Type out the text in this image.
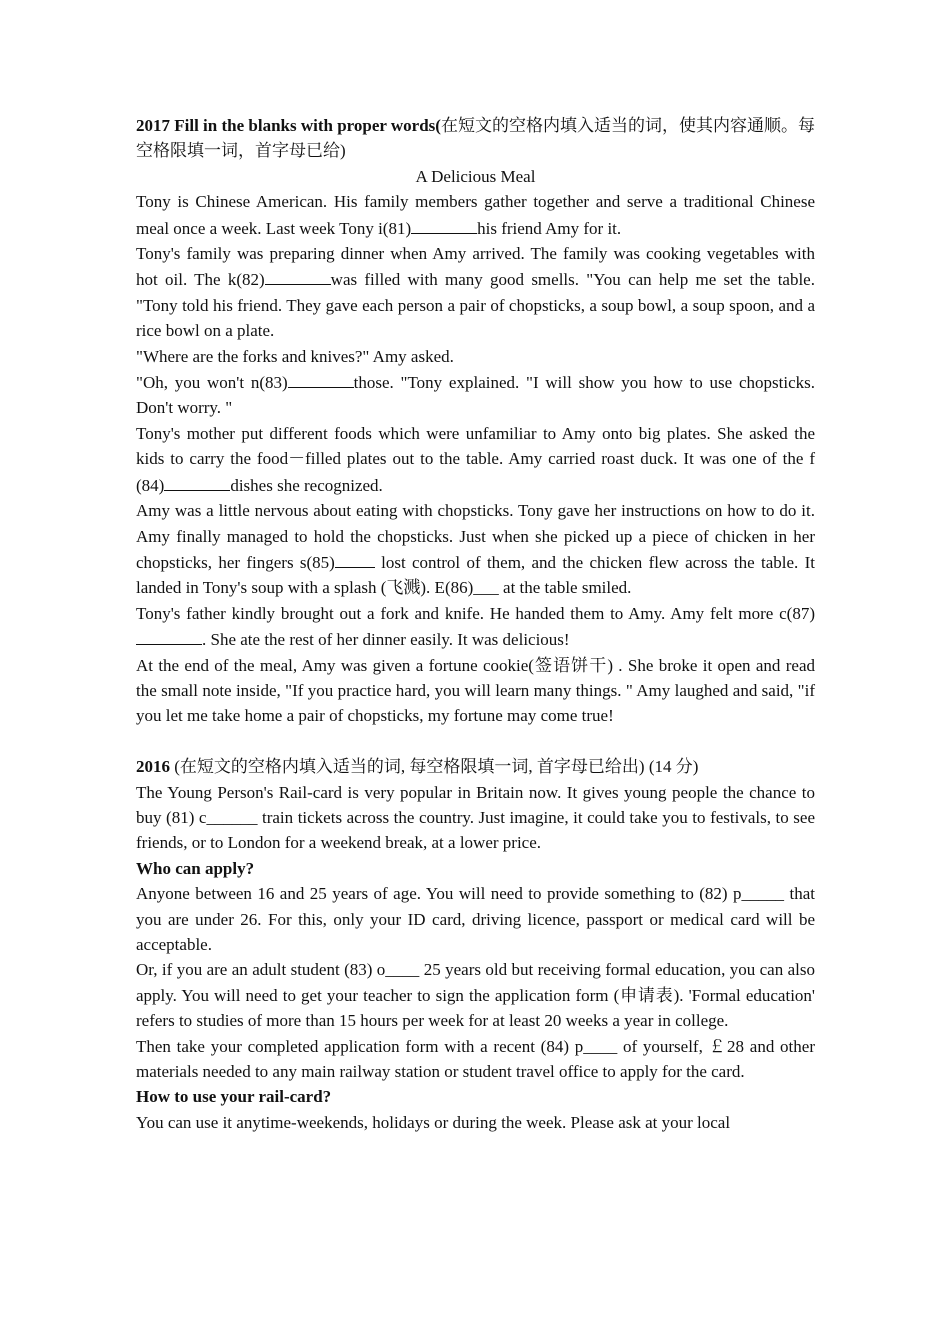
2017 Fill in the blanks with proper words(在短文的空格内填入适当的词，使其内容通顺。每空格限填一词，首字母已给)

A Delicious Meal

Tony is Chinese American. His family members gather together and serve a traditional Chinese meal once a week. Last week Tony i(81)	his friend Amy for it.

Tony's family was preparing dinner when Amy arrived. The family was cooking vegetables with hot oil. The k(82)	was filled with many good smells. "You can help me set the table. "Tony told his friend. They gave each person a pair of chopsticks, a soup bowl, a soup spoon, and a rice bowl on a plate.

"Where are the forks and knives?" Amy asked.

"Oh, you won't n(83)	those. "Tony explained. "I will show you how to use chopsticks. Don't worry. "

Tony's mother put different foods which were unfamiliar to Amy onto big plates. She asked the kids to carry the food－filled plates out to the table. Amy carried roast duck. It was one of the f (84)	dishes she recognized.

Amy was a little nervous about eating with chopsticks. Tony gave her instructions on how to do it. Amy finally managed to hold the chopsticks. Just when she picked up a piece of chicken in her chopsticks, her fingers s(85) lost control of them, and the chicken flew across the table. It landed in Tony's soup with a splash (飞溅). E(86)___ at the table smiled.

Tony's father kindly brought out a fork and knife. He handed them to Amy. Amy felt more c(87). She ate the rest of her dinner easily. It was delicious!

At the end of the meal, Amy was given a fortune cookie(签语饼干) . She broke it open and read the small note inside, "If you practice hard, you will learn many things. " Amy laughed and said, "if you let me take home a pair of chopsticks, my fortune may come true!

2016 (在短文的空格内填入适当的词, 每空格限填一词, 首字母已给出) (14 分)

The Young Person's Rail-card is very popular in Britain now. It gives young people the chance to buy (81) c______ train tickets across the country. Just imagine, it could take you to festivals, to see friends, or to London for a weekend break, at a lower price.

Who can apply?

Anyone between 16 and 25 years of age. You will need to provide something to (82) p_____ that you are under 26. For this, only your ID card, driving licence, passport or medical card will be acceptable.

Or, if you are an adult student (83) o____ 25 years old but receiving formal education, you can also apply. You will need to get your teacher to sign the application form (申请表). 'Formal education' refers to studies of more than 15 hours per week for at least 20 weeks a year in college.

Then take your completed application form with a recent (84) p____ of yourself, ￡28 and other materials needed to any main railway station or student travel office to apply for the card.

How to use your rail-card?

You can use it anytime-weekends, holidays or during the week. Please ask at your local
